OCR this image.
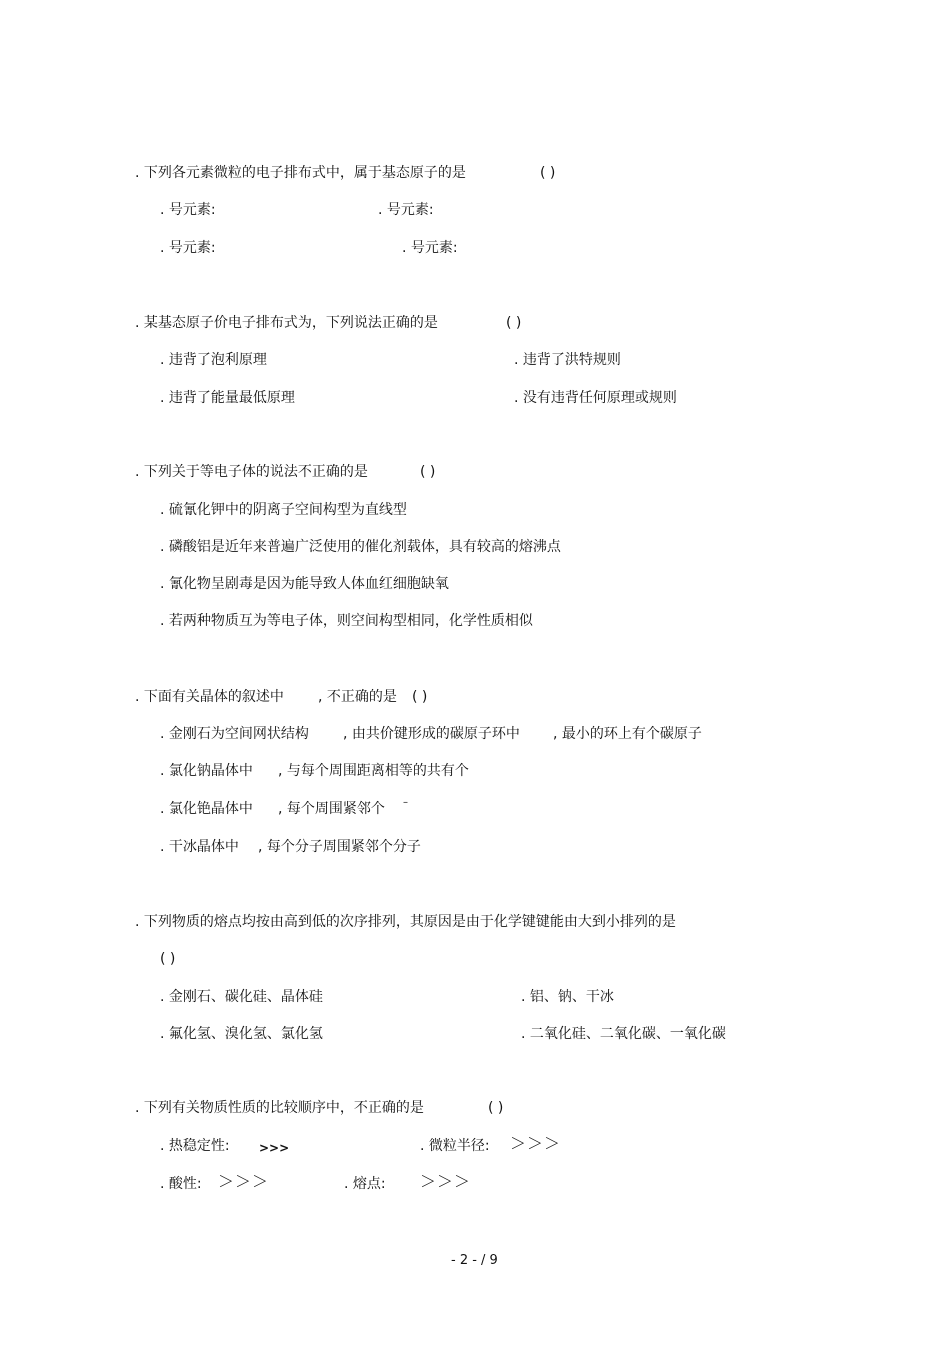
. 下列各元素微粒的电子排布式中，属于基态原子的是	( )
. 号元素:	. 号元素:
. 号元素:	. 号元素:
. 某基态原子价电子排布式为，下列说法正确的是	( )
. 违背了泡利原理	. 违背了洪特规则
. 违背了能量最低原理	. 没有违背任何原理或规则
. 下列关于等电子体的说法不正确的是	( )
. 硫氰化钾中的阴离子空间构型为直线型
. 磷酸铝是近年来普遍广泛使用的催化剂载体，具有较高的熔沸点
. 氰化物呈剧毒是因为能导致人体血红细胞缺氧
. 若两种物质互为等电子体，则空间构型相同，化学性质相似
. 下面有关晶体的叙述中 , 不正确的是 ( )
. 金刚石为空间网状结构 , 由共价键形成的碳原子环中 , 最小的环上有个碳原子
. 氯化钠晶体中 , 与每个周围距离相等的共有个
. 氯化铯晶体中 , 每个周围紧邻个 –
. 干冰晶体中 , 每个分子周围紧邻个分子
. 下列物质的熔点均按由高到低的次序排列，其原因是由于化学键键能由大到小排列的是
( )
. 金刚石、碳化硅、晶体硅	. 铝、钠、干冰
. 氟化氢、溴化氢、氯化氢	. 二氧化硅、二氧化碳、一氧化碳
. 下列有关物质性质的比较顺序中，不正确的是	( )
. 热稳定性: >>>	. 微粒半径: ＞＞＞
. 酸性: ＞＞＞	. 熔点: ＞＞＞
- 2 - / 9
